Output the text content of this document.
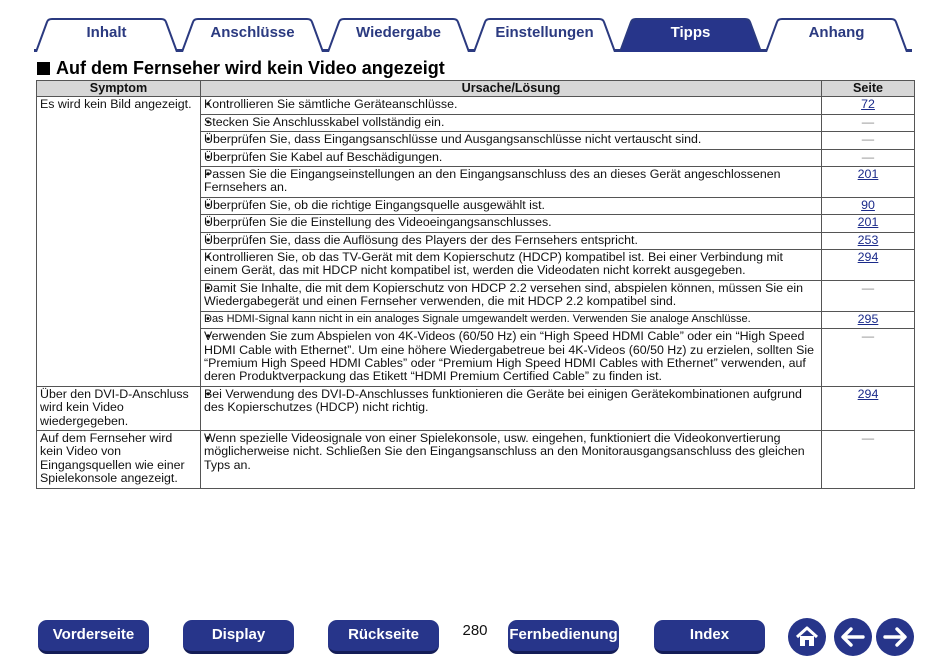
Inhalt	Anschlüsse	Wiedergabe	Einstellungen	Tipps	Anhang
Auf dem Fernseher wird kein Video angezeigt
Symptom	Ursache/Lösung	Seite
Es wird kein Bild angezeigt.	• Kontrollieren Sie sämtliche Geräteanschlüsse.	72
	• Stecken Sie Anschlusskabel vollständig ein.	—
	• Überprüfen Sie, dass Eingangsanschlüsse und Ausgangsanschlüsse nicht vertauscht sind.	—
	• Überprüfen Sie Kabel auf Beschädigungen.	—
	• Passen Sie die Eingangseinstellungen an den Eingangsanschluss des an dieses Gerät angeschlossenen Fernsehers an.	201
	• Überprüfen Sie, ob die richtige Eingangsquelle ausgewählt ist.	90
	• Überprüfen Sie die Einstellung des Videoeingangsanschlusses.	201
	• Überprüfen Sie, dass die Auflösung des Players der des Fernsehers entspricht.	253
	• Kontrollieren Sie, ob das TV-Gerät mit dem Kopierschutz (HDCP) kompatibel ist. Bei einer Verbindung mit einem Gerät, das mit HDCP nicht kompatibel ist, werden die Videodaten nicht korrekt ausgegeben.	294
	• Damit Sie Inhalte, die mit dem Kopierschutz von HDCP 2.2 versehen sind, abspielen können, müssen Sie ein Wiedergabegerät und einen Fernseher verwenden, die mit HDCP 2.2 kompatibel sind.	—
	• Das HDMI-Signal kann nicht in ein analoges Signale umgewandelt werden. Verwenden Sie analoge Anschlüsse.	295
	• Verwenden Sie zum Abspielen von 4K-Videos (60/50 Hz) ein “High Speed HDMI Cable” oder ein “High Speed HDMI Cable with Ethernet”. Um eine höhere Wiedergabetreue bei 4K-Videos (60/50 Hz) zu erzielen, sollten Sie “Premium High Speed HDMI Cables” oder “Premium High Speed HDMI Cables with Ethernet” verwenden, auf deren Produktverpackung das Etikett “HDMI Premium Certified Cable” zu finden ist.	—
Über den DVI-D-Anschluss wird kein Video wiedergegeben.	• Bei Verwendung des DVI-D-Anschlusses funktionieren die Geräte bei einigen Gerätekombinationen aufgrund des Kopierschutzes (HDCP) nicht richtig.	294
Auf dem Fernseher wird kein Video von Eingangsquellen wie einer Spielekonsole angezeigt.	• Wenn spezielle Videosignale von einer Spielekonsole, usw. eingehen, funktioniert die Videokonvertierung möglicherweise nicht. Schließen Sie den Eingangsanschluss an den Monitorausgangsanschluss des gleichen Typs an.	—
Vorderseite	Display	Rückseite	280	Fernbedienung	Index
